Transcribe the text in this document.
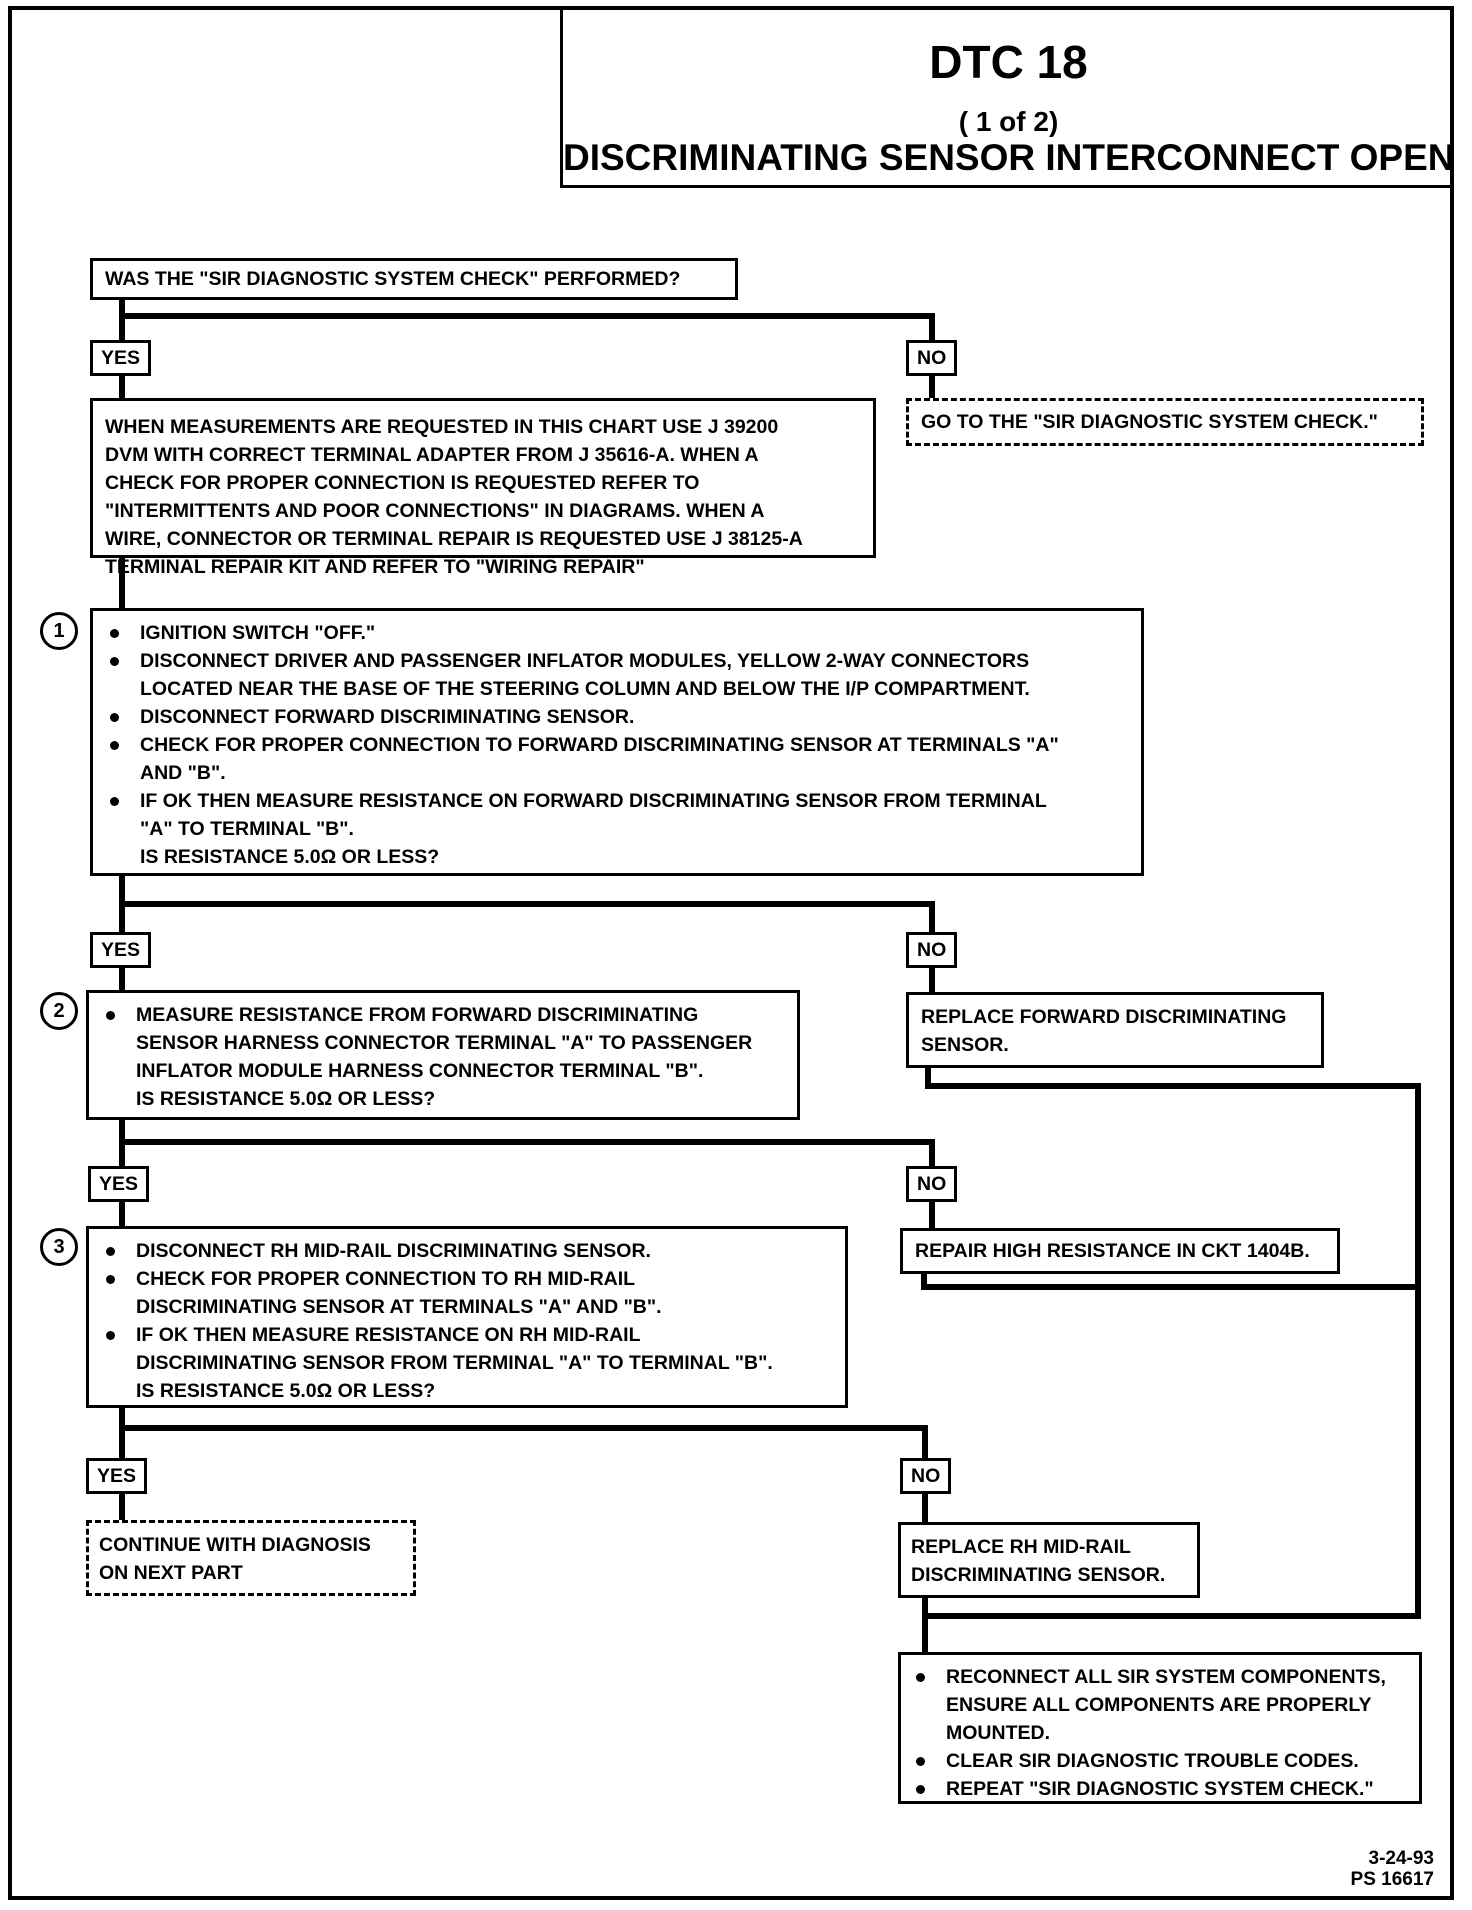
DTC 18
( 1 of 2)
DISCRIMINATING SENSOR INTERCONNECT OPEN
WAS THE "SIR DIAGNOSTIC SYSTEM CHECK" PERFORMED?
YES	NO
GO TO THE "SIR DIAGNOSTIC SYSTEM CHECK."
WHEN MEASUREMENTS ARE REQUESTED IN THIS CHART USE J 39200
DVM WITH CORRECT TERMINAL ADAPTER FROM J 35616-A. WHEN A
CHECK FOR PROPER CONNECTION IS REQUESTED REFER TO
"INTERMITTENTS AND POOR CONNECTIONS" IN DIAGRAMS. WHEN A
WIRE, CONNECTOR OR TERMINAL REPAIR IS REQUESTED USE J 38125-A
TERMINAL REPAIR KIT AND REFER TO "WIRING REPAIR"
1	IGNITION SWITCH "OFF."
DISCONNECT DRIVER AND PASSENGER INFLATOR MODULES, YELLOW 2-WAY CONNECTORS
LOCATED NEAR THE BASE OF THE STEERING COLUMN AND BELOW THE I/P COMPARTMENT.
DISCONNECT FORWARD DISCRIMINATING SENSOR.
CHECK FOR PROPER CONNECTION TO FORWARD DISCRIMINATING SENSOR AT TERMINALS "A"
AND "B".
IF OK THEN MEASURE RESISTANCE ON FORWARD DISCRIMINATING SENSOR FROM TERMINAL
"A" TO TERMINAL "B".
IS RESISTANCE 5.0Ω OR LESS?
YES	NO
REPLACE FORWARD DISCRIMINATING
SENSOR.
2	MEASURE RESISTANCE FROM FORWARD DISCRIMINATING
SENSOR HARNESS CONNECTOR TERMINAL "A" TO PASSENGER
INFLATOR MODULE HARNESS CONNECTOR TERMINAL "B".
IS RESISTANCE 5.0Ω OR LESS?
YES	NO
REPAIR HIGH RESISTANCE IN CKT 1404B.
3	DISCONNECT RH MID-RAIL DISCRIMINATING SENSOR.
CHECK FOR PROPER CONNECTION TO RH MID-RAIL
DISCRIMINATING SENSOR AT TERMINALS "A" AND "B".
IF OK THEN MEASURE RESISTANCE ON RH MID-RAIL
DISCRIMINATING SENSOR FROM TERMINAL "A" TO TERMINAL "B".
IS RESISTANCE 5.0Ω OR LESS?
YES	NO
CONTINUE WITH DIAGNOSIS
ON NEXT PART
REPLACE RH MID-RAIL
DISCRIMINATING SENSOR.
RECONNECT ALL SIR SYSTEM COMPONENTS,
ENSURE ALL COMPONENTS ARE PROPERLY
MOUNTED.
CLEAR SIR DIAGNOSTIC TROUBLE CODES.
REPEAT "SIR DIAGNOSTIC SYSTEM CHECK."
3-24-93
PS 16617
